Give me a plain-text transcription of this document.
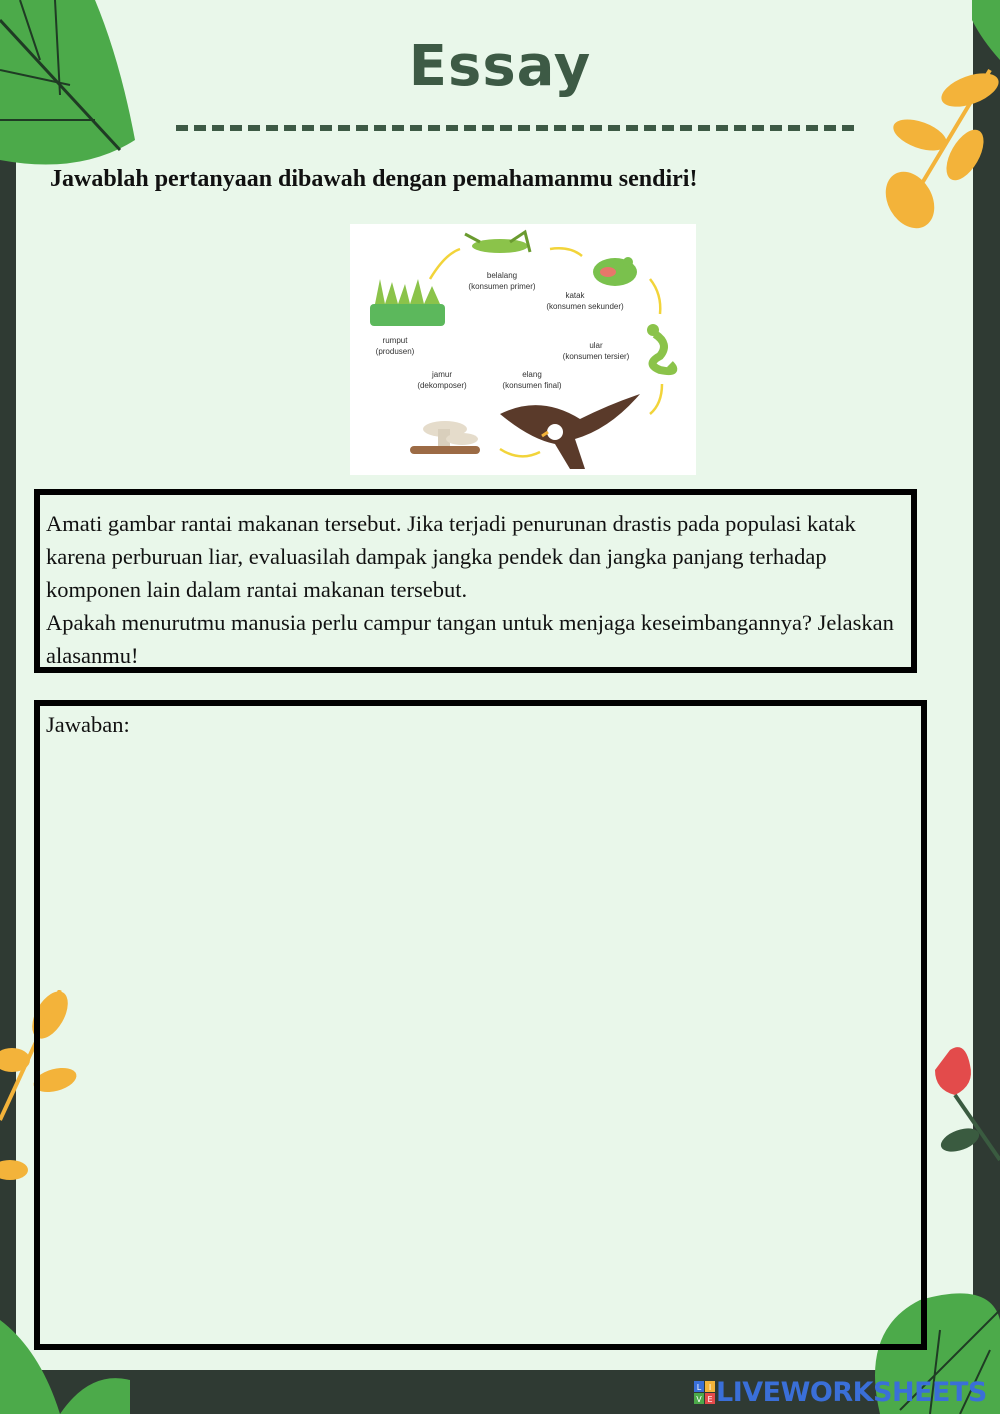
Essay
Jawablah pertanyaan dibawah dengan pemahamanmu sendiri!
belalang
(konsumen primer)
katak
(konsumen sekunder)
ular
(konsumen tersier)
elang
(konsumen final)
jamur
(dekomposer)
rumput
(produsen)

Amati gambar rantai makanan tersebut. Jika terjadi penurunan drastis pada populasi katak karena perburuan liar, evaluasilah dampak jangka pendek dan jangka panjang terhadap komponen lain dalam rantai makanan tersebut.

Apakah menurutmu manusia perlu campur tangan untuk menjaga keseimbangannya? Jelaskan alasanmu!

Jawaban:
L I
V E LIVEWORKSHEETS
